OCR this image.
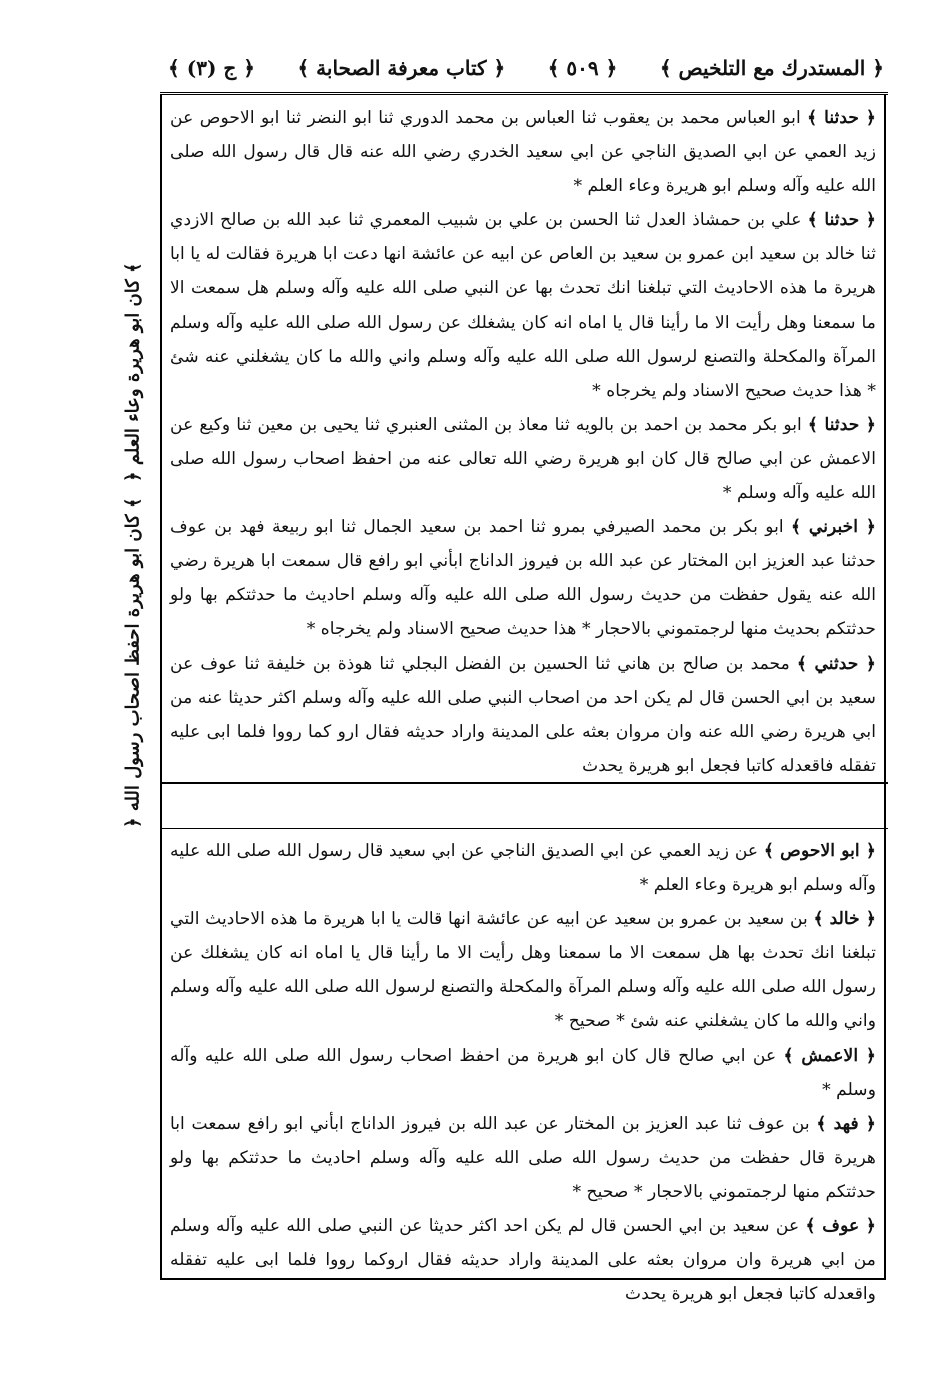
﴿ المستدرك مع التلخيص ﴾
﴿ ٥٠٩ ﴾
﴿ كتاب معرفة الصحابة ﴾
﴿ ج (٣) ﴾
﴿ كان ابو هريرة وعاء العلم ﴾
﴿ كان ابو هريرة احفظ اصحاب رسول الله ﴾

﴿ حدثنا ﴾ ابو العباس محمد بن يعقوب ثنا العباس بن محمد الدوري ثنا ابو النضر ثنا ابو الاحوص عن زيد العمي عن ابي الصديق الناجي عن ابي سعيد الخدري رضي الله عنه قال قال رسول الله صلى الله عليه وآله وسلم ابو هريرة وعاء العلم *

﴿ حدثنا ﴾ علي بن حمشاذ العدل ثنا الحسن بن علي بن شبيب المعمري ثنا عبد الله بن صالح الازدي ثنا خالد بن سعيد ابن عمرو بن سعيد بن العاص عن ابيه عن عائشة انها دعت ابا هريرة فقالت له يا ابا هريرة ما هذه الاحاديث التي تبلغنا انك تحدث بها عن النبي صلى الله عليه وآله وسلم هل سمعت الا ما سمعنا وهل رأيت الا ما رأينا قال يا اماه انه كان يشغلك عن رسول الله صلى الله عليه وآله وسلم المرآة والمكحلة والتصنع لرسول الله صلى الله عليه وآله وسلم واني والله ما كان يشغلني عنه شئ * هذا حديث صحيح الاسناد ولم يخرجاه *

﴿ حدثنا ﴾ ابو بكر محمد بن احمد بن بالويه ثنا معاذ بن المثنى العنبري ثنا يحيى بن معين ثنا وكيع عن الاعمش عن ابي صالح قال كان ابو هريرة رضي الله تعالى عنه من احفظ اصحاب رسول الله صلى الله عليه وآله وسلم *

﴿ اخبرني ﴾ ابو بكر بن محمد الصيرفي بمرو ثنا احمد بن سعيد الجمال ثنا ابو ربيعة فهد بن عوف حدثنا عبد العزيز ابن المختار عن عبد الله بن فيروز الداناج ابأني ابو رافع قال سمعت ابا هريرة رضي الله عنه يقول حفظت من حديث رسول الله صلى الله عليه وآله وسلم احاديث ما حدثتكم بها ولو حدثتكم بحديث منها لرجمتموني بالاحجار * هذا حديث صحيح الاسناد ولم يخرجاه *

﴿ حدثني ﴾ محمد بن صالح بن هاني ثنا الحسين بن الفضل البجلي ثنا هوذة بن خليفة ثنا عوف عن سعيد بن ابي الحسن قال لم يكن احد من اصحاب النبي صلى الله عليه وآله وسلم اكثر حديثا عنه من ابي هريرة رضي الله عنه وان مروان بعثه على المدينة واراد حديثه فقال ارو كما رووا فلما ابى عليه تفقله فاقعدله كاتبا فجعل ابو هريرة يحدث

﴿ ابو الاحوص ﴾ عن زيد العمي عن ابي الصديق الناجي عن ابي سعيد قال رسول الله صلى الله عليه وآله وسلم ابو هريرة وعاء العلم *

﴿ خالد ﴾ بن سعيد بن عمرو بن سعيد عن ابيه عن عائشة انها قالت يا ابا هريرة ما هذه الاحاديث التي تبلغنا انك تحدث بها هل سمعت الا ما سمعنا وهل رأيت الا ما رأينا قال يا اماه انه كان يشغلك عن رسول الله صلى الله عليه وآله وسلم المرآة والمكحلة والتصنع لرسول الله صلى الله عليه وآله وسلم واني والله ما كان يشغلني عنه شئ * صحيح *

﴿ الاعمش ﴾ عن ابي صالح قال كان ابو هريرة من احفظ اصحاب رسول الله صلى الله عليه وآله وسلم *

﴿ فهد ﴾ بن عوف ثنا عبد العزيز بن المختار عن عبد الله بن فيروز الداناج ابأني ابو رافع سمعت ابا هريرة قال حفظت من حديث رسول الله صلى الله عليه وآله وسلم احاديث ما حدثتكم بها ولو حدثتكم منها لرجمتموني بالاحجار * صحيح *

﴿ عوف ﴾ عن سعيد بن ابي الحسن قال لم يكن احد اكثر حديثا عن النبي صلى الله عليه وآله وسلم من ابي هريرة وان مروان بعثه على المدينة واراد حديثه فقال اروكما رووا فلما ابى عليه تفقله واقعدله كاتبا فجعل ابو هريرة يحدث
